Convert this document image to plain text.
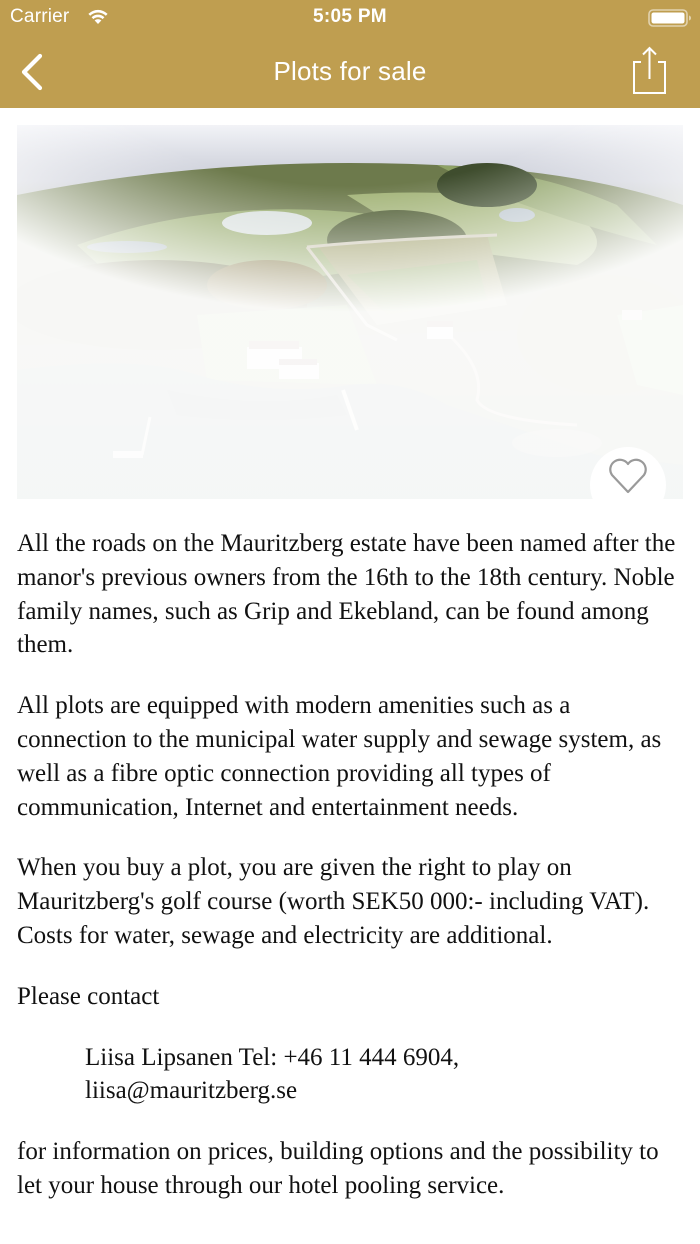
Carrier	5:05 PM
Plots for sale

All the roads on the Mauritzberg estate have been named after the manor's previous owners from the 16th to the 18th century. Noble family names, such as Grip and Ekebland, can be found among them.

All plots are equipped with modern amenities such as a connection to the municipal water supply and sewage system, as well as a fibre optic connection providing all types of communication, Internet and entertainment needs.

When you buy a plot, you are given the right to play on Mauritzberg's golf course (worth SEK50 000:- including VAT). Costs for water, sewage and electricity are additional.

Please contact

Liisa Lipsanen Tel: +46 11 444 6904,
liisa@mauritzberg.se

for information on prices, building options and the possibility to let your house through our hotel pooling service.
